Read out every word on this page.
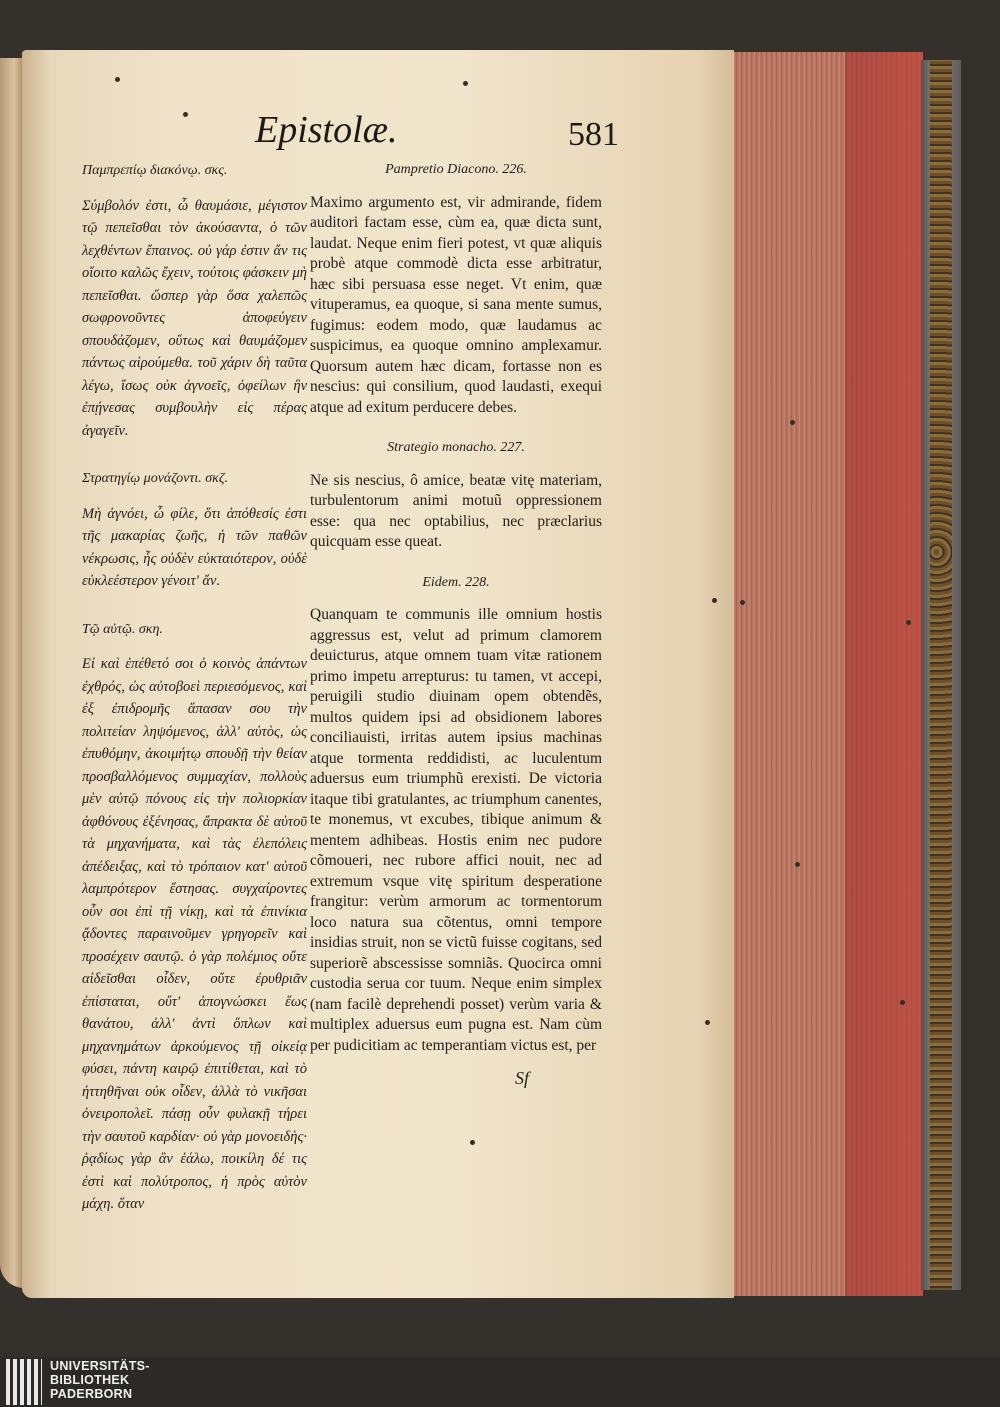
Epistolæ.	581
Παμπρεπίῳ διακόνῳ. σκς.
Σύμβολόν ἐστι, ὦ θαυμάσιε, μέγιστον τῷ πεπεῖσθαι τὸν ἀκούσαντα, ὁ τῶν λεχθέντων ἔπαινος. οὐ γάρ ἐστιν ἄν τις οἴοιτο καλῶς ἔχειν, τούτοις φάσκειν μὴ πεπεῖσθαι. ὥσπερ γὰρ ὅσα χαλεπῶς σωφρονοῦντες ἀποφεύγειν σπουδάζομεν, οὕτως καὶ θαυμάζομεν πάντως αἱρούμεθα. τοῦ χάριν δὴ ταῦτα λέγω, ἴσως οὐκ ἀγνοεῖς, ὀφείλων ἣν ἐπῄνεσας συμβουλὴν εἰς πέρας ἀγαγεῖν.
Στρατηγίῳ μονάζοντι. σκζ.
Μὴ ἀγνόει, ὦ φίλε, ὅτι ἀπόθεσίς ἐστι τῆς μακαρίας ζωῆς, ἡ τῶν παθῶν νέκρωσις, ἧς οὐδὲν εὐκταιότερον, οὐδὲ εὐκλεέστερον γένοιτ' ἄν.
Τῷ αὐτῷ. σκη.
Εἰ καὶ ἐπέθετό σοι ὁ κοινὸς ἁπάντων ἐχθρός, ὡς αὐτοβοεὶ περιεσόμενος, καὶ ἐξ ἐπιδρομῆς ἅπασαν σου τὴν πολιτείαν ληψόμενος, ἀλλ' αὐτὸς, ὡς ἐπυθόμην, ἀκοιμήτῳ σπουδῇ τὴν θείαν προσβαλλόμενος συμμαχίαν, πολλοὺς μὲν αὐτῷ πόνους εἰς τὴν πολιορκίαν ἀφθόνους ἐξένησας, ἄπρακτα δὲ αὐτοῦ τὰ μηχανήματα, καὶ τὰς ἐλεπόλεις ἀπέδειξας, καὶ τὸ τρόπαιον κατ' αὐτοῦ λαμπρότερον ἔστησας. συγχαίροντες οὖν σοι ἐπὶ τῇ νίκῃ, καὶ τὰ ἐπινίκια ᾄδοντες παραινοῦμεν γρηγορεῖν καὶ προσέχειν σαυτῷ. ὁ γὰρ πολέμιος οὔτε αἰδεῖσθαι οἶδεν, οὔτε ἐρυθριᾶν ἐπίσταται, οὔτ' ἀπογνώσκει ἕως θανάτου, ἀλλ' ἀντὶ ὅπλων καὶ μηχανημάτων ἀρκούμενος τῇ οἰκείᾳ φύσει, πάντη καιρῷ ἐπιτίθεται, καὶ τὸ ἡττηθῆναι οὐκ οἶδεν, ἀλλὰ τὸ νικῆσαι ὀνειροπολεῖ. πάσῃ οὖν φυλακῇ τήρει τὴν σαυτοῦ καρδίαν· οὐ γὰρ μονοειδὴς· ῥᾳδίως γὰρ ἂν ἑάλω, ποικίλη δέ τις ἐστὶ καὶ πολύτροπος, ἡ πρὸς αὐτὸν μάχη. ὅταν
Pampretio Diacono. 226.
Maximo argumento est, vir admirande, fidem auditori factam esse, cùm ea, quæ dicta sunt, laudat. Neque enim fieri potest, vt quæ aliquis probè atque commodè dicta esse arbitratur, hæc sibi persuasa esse neget. Vt enim, quæ vituperamus, ea quoque, si sana mente sumus, fugimus: eodem modo, quæ laudamus ac suspicimus, ea quoque omnino amplexamur. Quorsum autem hæc dicam, fortasse non es nescius: qui consilium, quod laudasti, exequi atque ad exitum perducere debes.
Strategio monacho. 227.
Ne sis nescius, ô amice, beatæ vitę materiam, turbulentorum animi motuũ oppressionem esse: qua nec optabilius, nec præclarius quicquam esse queat.
Eidem. 228.
Quanquam te communis ille omnium hostis aggressus est, velut ad primum clamorem deuicturus, atque omnem tuam vitæ rationem primo impetu arrepturus: tu tamen, vt accepi, peruigili studio diuinam opem obtendẽs, multos quidem ipsi ad obsidionem labores conciliauisti, irritas autem ipsius machinas atque tormenta reddidisti, ac luculentum aduersus eum triumphũ erexisti. De victoria itaque tibi gratulantes, ac triumphum canentes, te monemus, vt excubes, tibique animum & mentem adhibeas. Hostis enim nec pudore cõmoueri, nec rubore affici nouit, nec ad extremum vsque vitę spiritum desperatione frangitur: verùm armorum ac tormentorum loco natura sua cõtentus, omni tempore insidias struit, non se victũ fuisse cogitans, sed superiorẽ abscessisse somniãs. Quocirca omni custodia serua cor tuum. Neque enim simplex (nam facilè deprehendi posset) verùm varia & multiplex aduersus eum pugna est. Nam cùm per pudicitiam ac temperantiam victus est, per
Sf
UNIVERSITÄTS-
BIBLIOTHEK
PADERBORN
